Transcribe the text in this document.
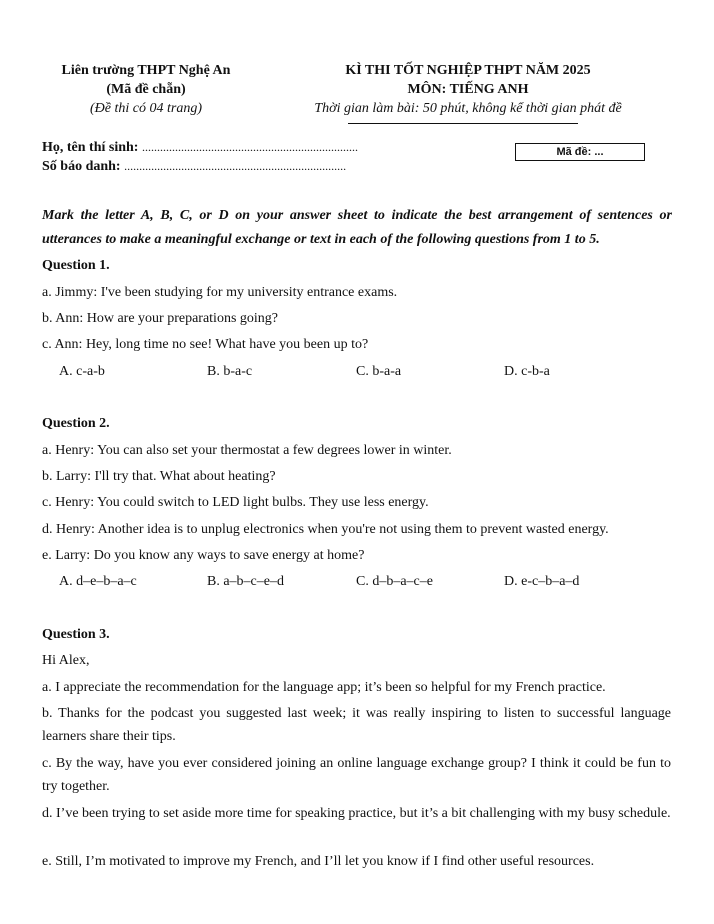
Liên trường THPT Nghệ An
(Mã đề chẵn)
(Đề thi có 04 trang)
KÌ THI TỐT NGHIỆP THPT NĂM 2025
MÔN: TIẾNG ANH
Thời gian làm bài: 50 phút, không kể thời gian phát đề
Họ, tên thí sinh: ........................................................................
Số báo danh: ..........................................................................
Mã đề: ...
Mark the letter A, B, C, or D on your answer sheet to indicate the best arrangement of sentences or
utterances to make a meaningful exchange or text in each of the following questions from 1 to 5.
Question 1.
a. Jimmy: I've been studying for my university entrance exams.
b. Ann: How are your preparations going?
c. Ann: Hey, long time no see! What have you been up to?
A. c-a-b	B. b-a-c	C. b-a-a	D. c-b-a
Question 2.
a. Henry: You can also set your thermostat a few degrees lower in winter.
b. Larry: I'll try that. What about heating?
c. Henry: You could switch to LED light bulbs. They use less energy.
d. Henry: Another idea is to unplug electronics when you're not using them to prevent wasted energy.
e. Larry: Do you know any ways to save energy at home?
A. d–e–b–a–c	B. a–b–c–e–d	C. d–b–a–c–e	D. e-c–b–a–d
Question 3.
Hi Alex,
a. I appreciate the recommendation for the language app; it’s been so helpful for my French practice.
b. Thanks for the podcast you suggested last week; it was really inspiring to listen to successful language learners share their tips.
c. By the way, have you ever considered joining an online language exchange group? I think it could be fun to try together.
d. I’ve been trying to set aside more time for speaking practice, but it’s a bit challenging with my busy schedule.
e. Still, I’m motivated to improve my French, and I’ll let you know if I find other useful resources.
